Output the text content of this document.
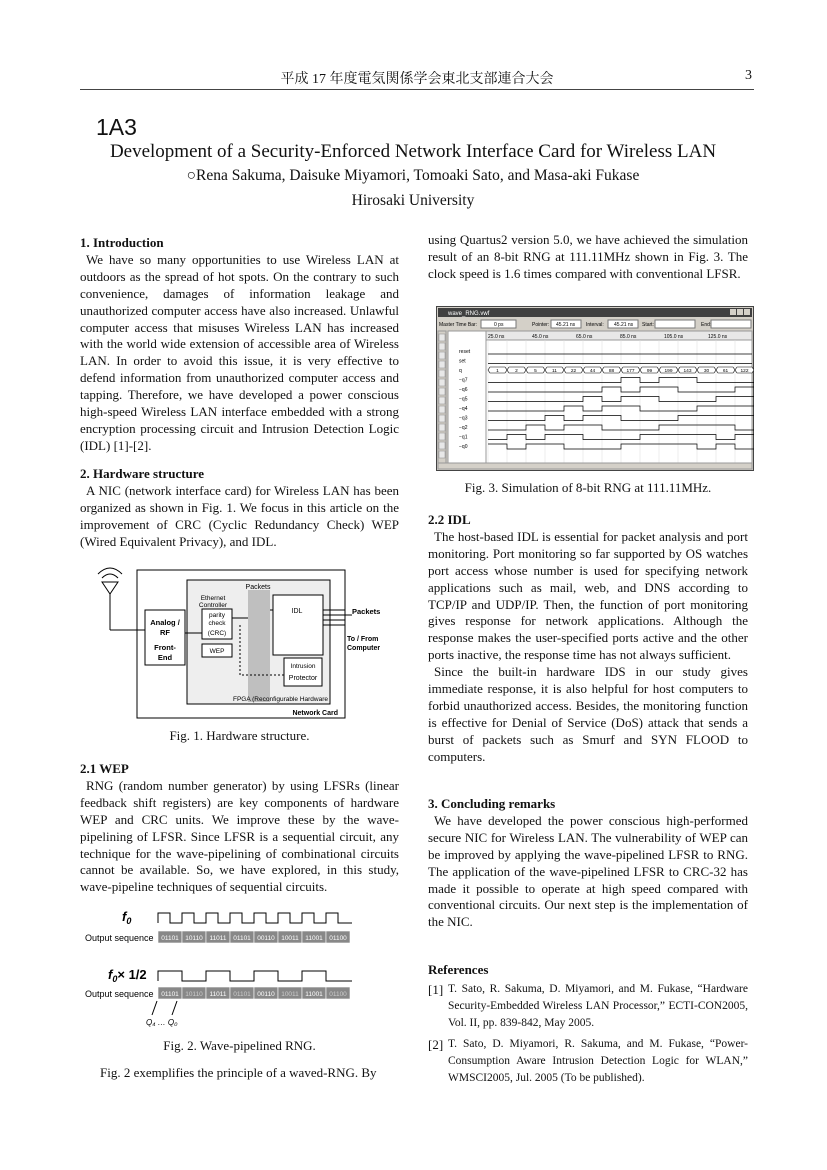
平成 17 年度電気関係学会東北支部連合大会	3
1A3
Development of a Security-Enforced Network Interface Card for Wireless LAN
○Rena Sakuma, Daisuke Miyamori, Tomoaki Sato, and Masa-aki Fukase
Hirosaki University
1. Introduction

We have so many opportunities to use Wireless LAN at outdoors as the spread of hot spots. On the contrary to such convenience, damages of information leakage and unauthorized computer access have also increased. Unlawful computer access that misuses Wireless LAN has increased with the world wide extension of accessible area of Wireless LAN. In order to avoid this issue, it is very effective to defend information from unauthorized computer access and tapping. Therefore, we have developed a power conscious high-speed Wireless LAN interface embedded with a strong encryption processing circuit and Intrusion Detection Logic (IDL) [1]-[2].

2. Hardware structure

A NIC (network interface card) for Wireless LAN has been organized as shown in Fig. 1. We focus in this article on the improvement of CRC (Cyclic Redundancy Check) WEP (Wired Equivalent Privacy), and IDL.

Network Card
Analog /
RF
Front-
End
Packets
Ethernet
Controller
parity
check
(CRC)
WEP
IDL
Intrusion
Protector
FPGA (Reconfigurable Hardware
Packets
To / From
Computer
Fig. 1. Hardware structure.
2.1 WEP

RNG (random number generator) by using LFSRs (linear feedback shift registers) are key components of hardware WEP and CRC units. We improve these by the wave-pipelining of LFSR. Since LFSR is a sequential circuit, any technique for the wave-pipelining of combinational circuits cannot be available. So, we have explored, in this study, wave-pipeline techniques of sequential circuits.

$f_0$
Output sequence 01101 10110 11011 01101 00110 10011 11001 01100
$f_0\times 1/2$
Output sequence 01101 10110 11011 01101 00110 10011 11001 01100
Q₄ … Q₀
Fig. 2. Wave-pipelined RNG.

Fig. 2 exemplifies the principle of a waved-RNG. By

using Quartus2 version 5.0, we have achieved the simulation result of an 8-bit RNG at 111.11MHz shown in Fig. 3. The clock speed is 1.6 times compared with conventional LFSR.

wave_RNG.vwf
Master Time Bar:	0 ps	Pointer: 45.21 ns Interval: 45.21 ns Start:	End:
reset
set
q
−q7
−q6
−q5
−q4
−q3
−q2
−q1
−q0
25.0 ns	45.0 ns	65.0 ns	85.0 ns	105.0 ns	125.0 ns
1	2	5	11	22	44	88	177	99	199 143	30	61	122
Fig. 3. Simulation of 8-bit RNG at 111.11MHz.
2.2 IDL

The host-based IDL is essential for packet analysis and port monitoring. Port monitoring so far supported by OS watches port access whose number is used for specifying network applications such as mail, web, and DNS according to TCP/IP and UDP/IP. Then, the function of port monitoring gives response for network applications. Although the response makes the user-specified ports active and the other ports inactive, the response time has not always sufficient.

Since the built-in hardware IDS in our study gives immediate response, it is also helpful for host computers to forbid unauthorized access. Besides, the monitoring function is effective for Denial of Service (DoS) attack that sends a burst of packets such as Smurf and SYN FLOOD to computers.

3. Concluding remarks

We have developed the power conscious high-performed secure NIC for Wireless LAN. The vulnerability of WEP can be improved by applying the wave-pipelined LFSR to RNG. The application of the wave-pipelined LFSR to CRC-32 has made it possible to operate at high speed compared with conventional circuits. Our next step is the implementation of the NIC.

References
[1] T. Sato, R. Sakuma, D. Miyamori, and M. Fukase, “Hardware Security-Embedded Wireless LAN Processor,” ECTI-CON2005, Vol. II, pp. 839-842, May 2005.
[2] T. Sato, D. Miyamori, R. Sakuma, and M. Fukase, “Power-Consumption Aware Intrusion Detection Logic for WLAN,” WMSCI2005, Jul. 2005 (To be published).
